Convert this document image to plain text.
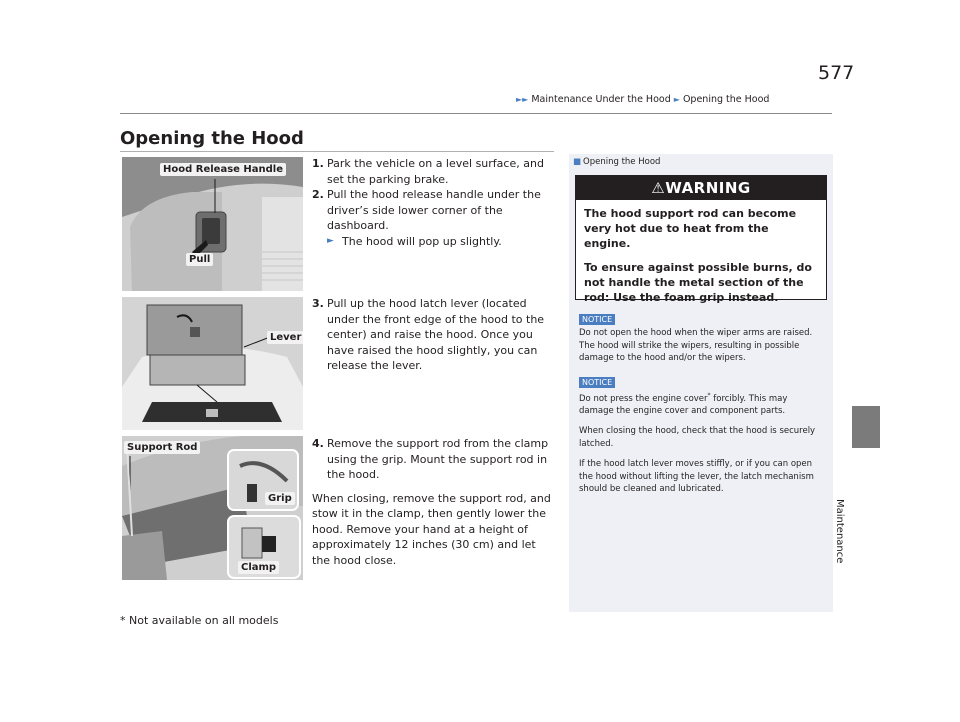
►► Maintenance Under the Hood ► Opening the Hood
577
Maintenance
Opening the Hood
Hood Release Handle
Pull
Lever
Support Rod
Grip
Clamp
1. Park the vehicle on a level surface, and set the parking brake.
2. Pull the hood release handle under the driver’s side lower corner of the dashboard.
► The hood will pop up slightly.
3. Pull up the hood latch lever (located under the front edge of the hood to the center) and raise the hood. Once you have raised the hood slightly, you can release the lever.
4. Remove the support rod from the clamp using the grip. Mount the support rod in the hood.
When closing, remove the support rod, and stow it in the clamp, then gently lower the hood. Remove your hand at a height of approximately 12 inches (30 cm) and let the hood close.
■ Opening the Hood
⚠WARNING

The hood support rod can become very hot due to heat from the engine.

To ensure against possible burns, do not handle the metal section of the rod: Use the foam grip instead.

NOTICE
Do not open the hood when the wiper arms are raised. The hood will strike the wipers, resulting in possible damage to the hood and/or the wipers.
NOTICE
Do not press the engine cover* forcibly. This may damage the engine cover and component parts.

When closing the hood, check that the hood is securely latched.

If the hood latch lever moves stiffly, or if you can open the hood without lifting the lever, the latch mechanism should be cleaned and lubricated.

* Not available on all models
